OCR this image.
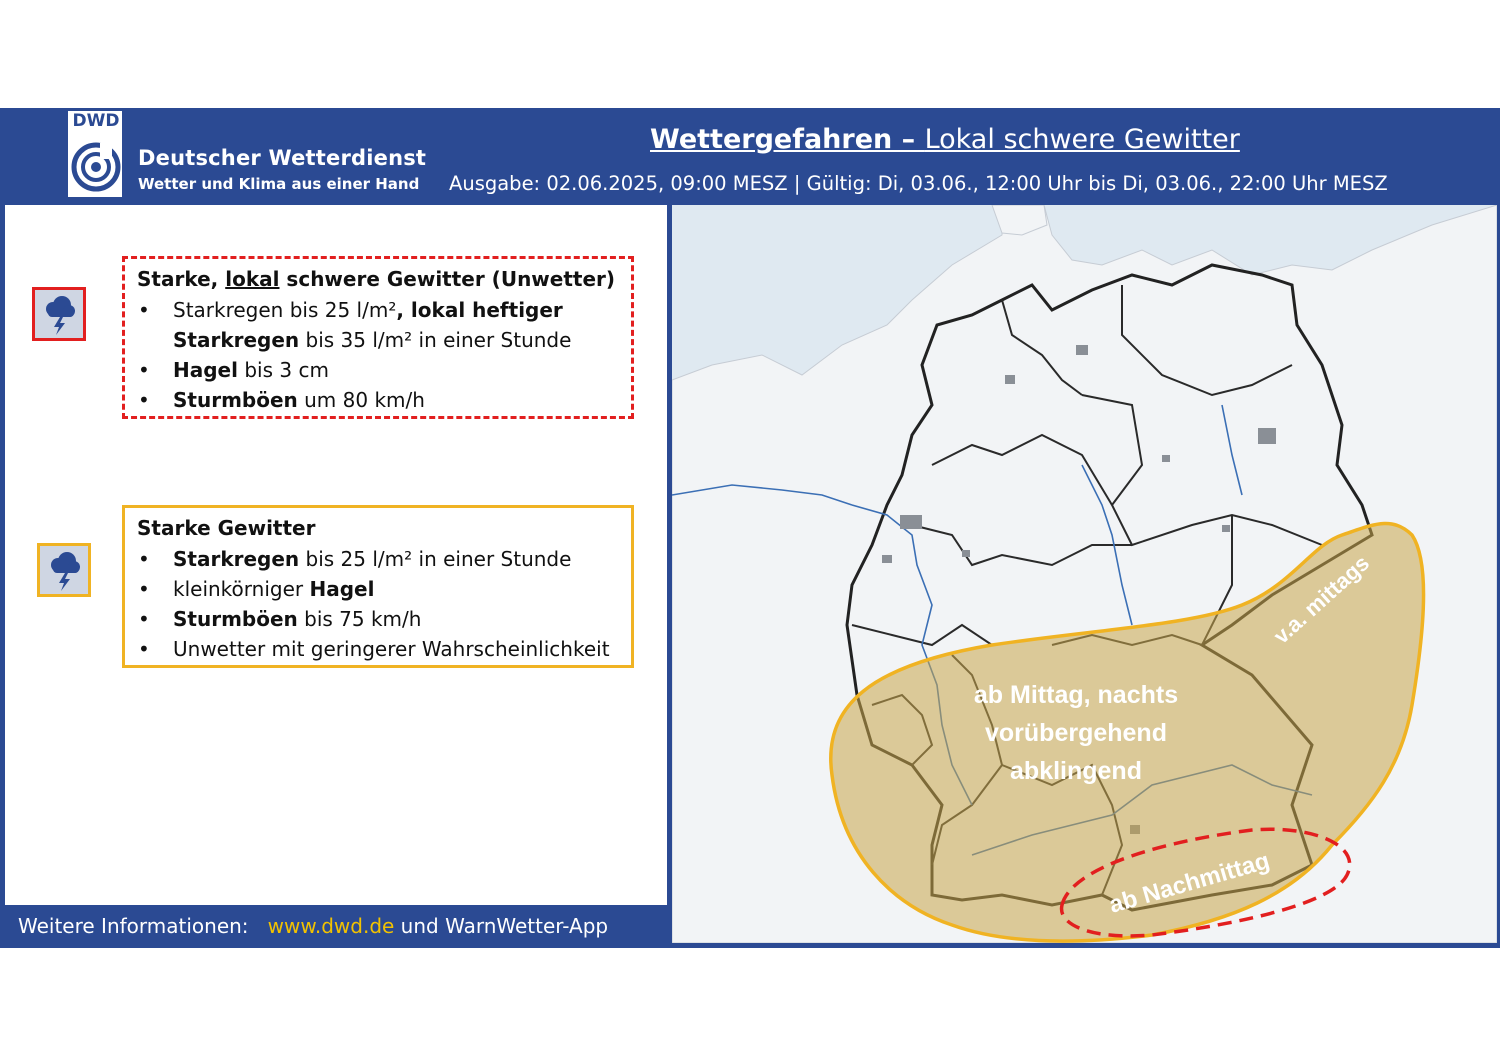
DWD
Deutscher Wetterdienst
Wetter und Klima aus einer Hand
Wettergefahren – Lokal schwere Gewitter
Ausgabe: 02.06.2025, 09:00 MESZ | Gültig: Di, 03.06., 12:00 Uhr bis Di, 03.06., 22:00 Uhr MESZ
Starke, lokal schwere Gewitter (Unwetter)
• Starkregen bis 25 l/m², lokal heftiger
Starkregen bis 35 l/m² in einer Stunde
• Hagel bis 3 cm
• Sturmböen um 80 km/h
Starke Gewitter
• Starkregen bis 25 l/m² in einer Stunde
• kleinkörniger Hagel
• Sturmböen bis 75 km/h
• Unwetter mit geringerer Wahrscheinlichkeit
Weitere Informationen: www.dwd.de und WarnWetter-App
v.a. mittags
ab Mittag, nachts
vorübergehend
abklingend
ab Nachmittag
